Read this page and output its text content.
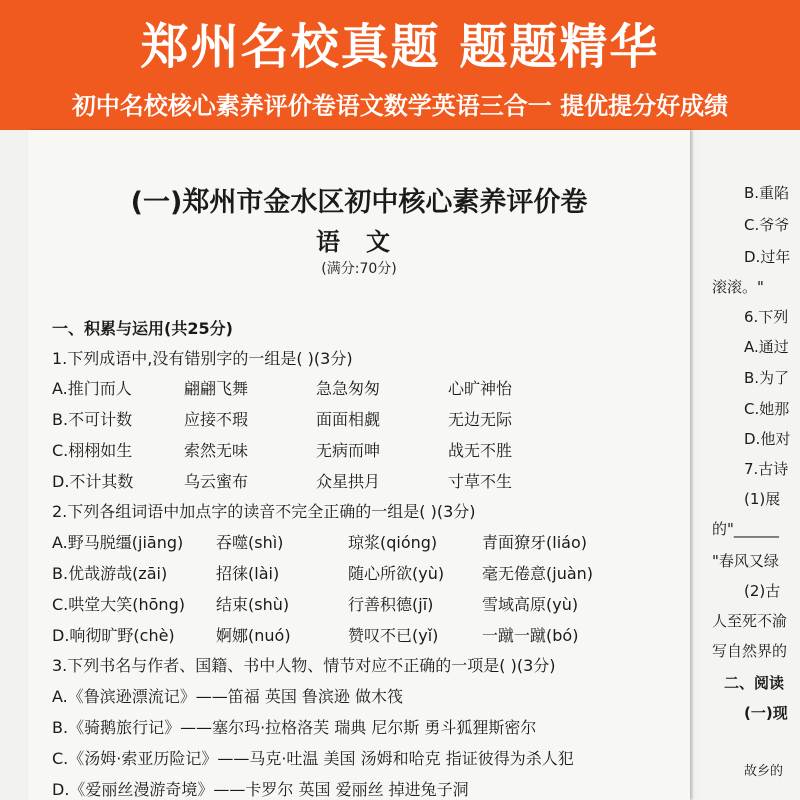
郑州名校真题 题题精华
初中名校核心素养评价卷语文数学英语三合一 提优提分好成绩
(一)郑州市金水区初中核心素养评价卷
语文
(满分:70分)
一、积累与运用(共25分)
1.下列成语中,没有错别字的一组是( )(3分)
A.推门而人	翩翩飞舞	急急匆匆	心旷神怡
B.不可计数	应接不瑕	面面相觑	无边无际
C.栩栩如生	索然无味	无病而呻	战无不胜
D.不计其数	乌云蜜布	众星拱月	寸草不生
2.下列各组词语中加点字的读音不完全正确的一组是( )(3分)
A.野马脱缰(jiāng) 吞噬(shì)	琼浆(qióng)	青面獠牙(liáo)
B.优哉游哉(zāi)	招徕(lài)	随心所欲(yù) 毫无倦意(juàn)
C.哄堂大笑(hōng) 结束(shù)	行善积德(jī)	雪域高原(yù)
D.响彻旷野(chè)	婀娜(nuó)	赞叹不已(yǐ)	一蹴一蹴(bó)
3.下列书名与作者、国籍、书中人物、情节对应不正确的一项是( )(3分)
A.《鲁滨逊漂流记》——笛福 英国 鲁滨逊 做木筏
B.《骑鹅旅行记》——塞尔玛·拉格洛芙 瑞典 尼尔斯 勇斗狐狸斯密尔
C.《汤姆·索亚历险记》——马克·吐温 美国 汤姆和哈克 指证彼得为杀人犯
D.《爱丽丝漫游奇境》——卡罗尔 英国 爱丽丝 掉进兔子洞
B.重陷
C.爷爷
D.过年
滚滚。"
6.下列
A.通过
B.为了
C.她那
D.他对
7.古诗
(1)展
的"______
"春风又绿
(2)古
人至死不渝
写自然界的
二、阅读
(一)现
故乡的
